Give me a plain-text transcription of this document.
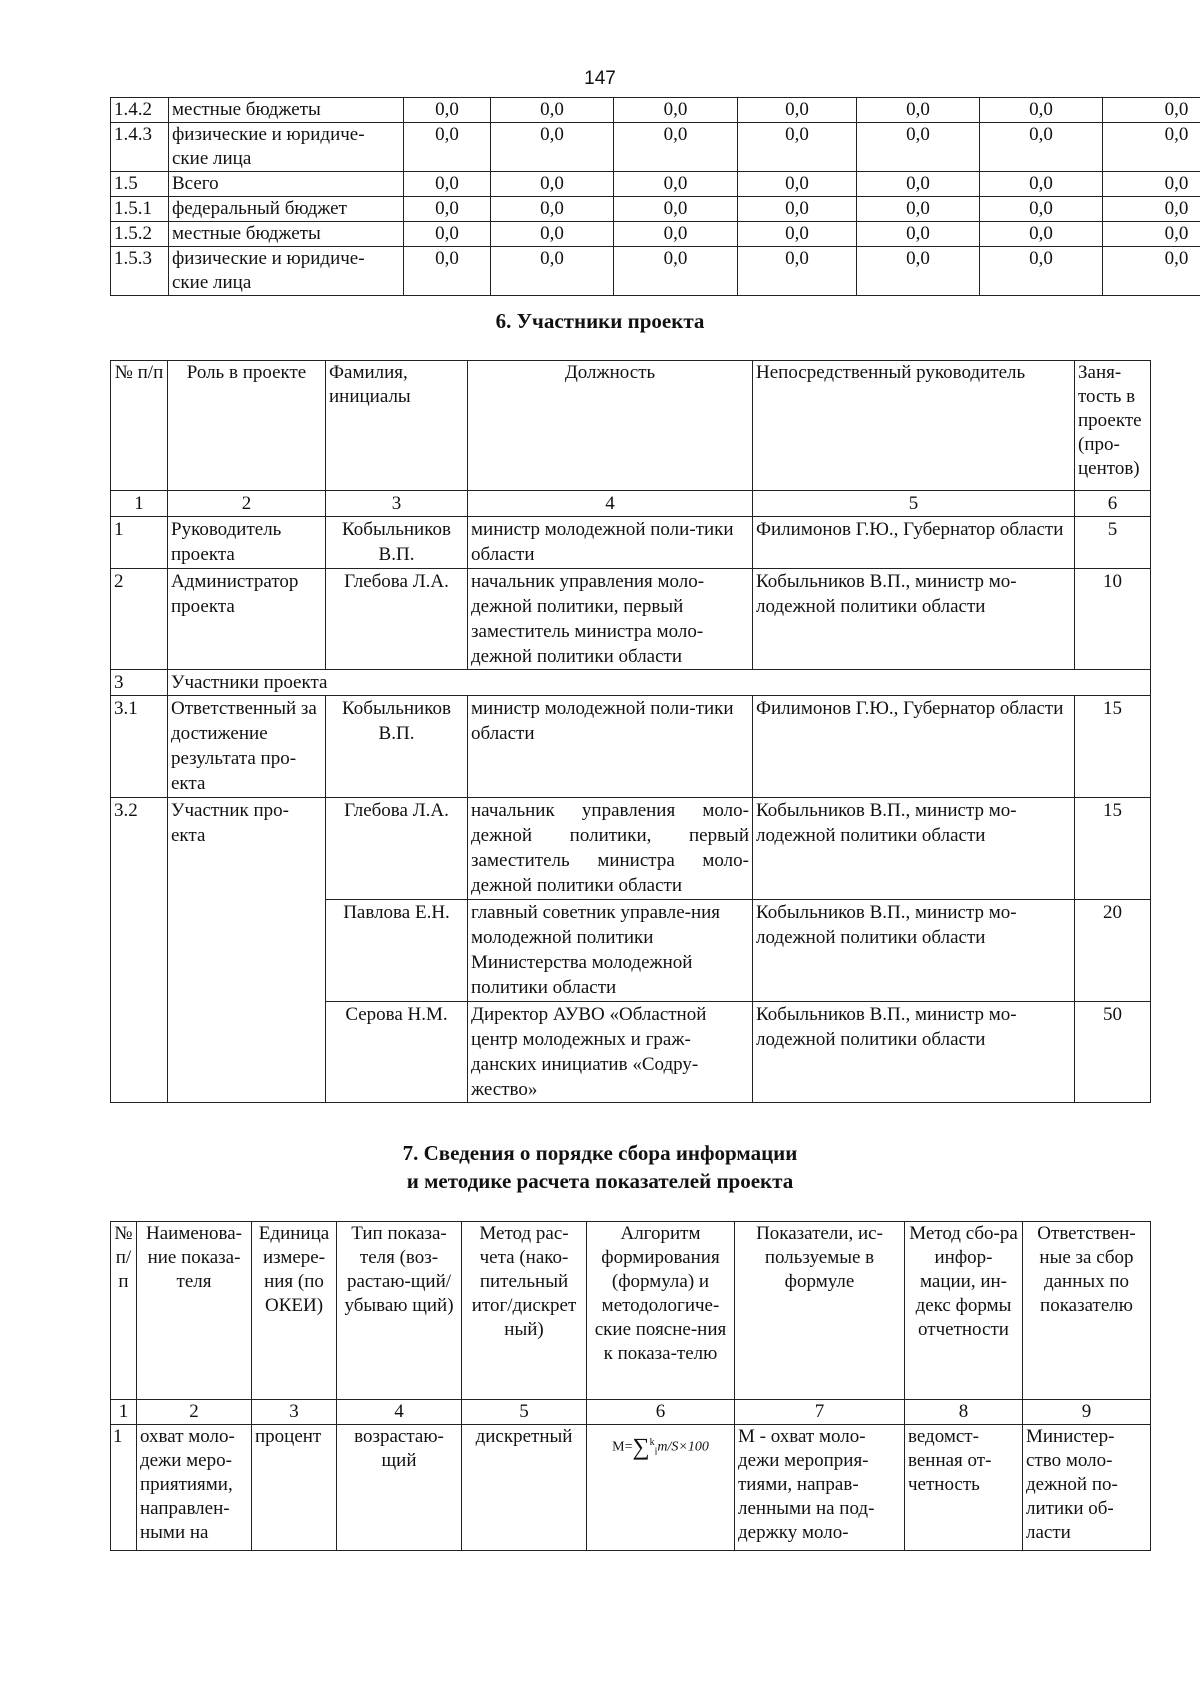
147
1.4.2	местные бюджеты	0,0	0,0	0,0	0,0	0,0	0,0	0,0
1.4.3	физические и юридиче-ские лица	0,0	0,0	0,0	0,0	0,0	0,0	0,0
1.5	Всего	0,0	0,0	0,0	0,0	0,0	0,0	0,0
1.5.1	федеральный бюджет	0,0	0,0	0,0	0,0	0,0	0,0	0,0
1.5.2	местные бюджеты	0,0	0,0	0,0	0,0	0,0	0,0	0,0
1.5.3	физические и юридиче-ские лица	0,0	0,0	0,0	0,0	0,0	0,0	0,0
6. Участники проекта
№ п/п	Роль в проекте	Фамилия, инициалы	Должность	Непосредственный руководитель	Заня-тость в проекте (про-центов)
1	2	3	4	5	6
1	Руководитель проекта	Кобыльников В.П.	министр молодежной поли-тики области	Филимонов Г.Ю., Губернатор области	5
2	Администратор проекта	Глебова Л.А.	начальник управления моло-дежной политики, первый заместитель министра моло-дежной политики области	Кобыльников В.П., министр мо-лодежной политики области	10
3	Участники проекта				
3.1	Ответственный за достижение результата про-екта	Кобыльников В.П.	министр молодежной поли-тики области	Филимонов Г.Ю., Губернатор области	15
3.2	Участник про-екта	Глебова Л.А.	начальник управления моло-дежной политики, первый заместитель министра моло-дежной политики области	Кобыльников В.П., министр мо-лодежной политики области	15
		Павлова Е.Н.	главный советник управле-ния молодежной политики Министерства молодежной политики области	Кобыльников В.П., министр мо-лодежной политики области	20
		Серова Н.М.	Директор АУВО «Областной центр молодежных и граж-данских инициатив «Содру-жество»	Кобыльников В.П., министр мо-лодежной политики области	50
7. Сведения о порядке сбора информации
и методике расчета показателей проекта
№ п/ п	Наименова-ние показа-теля	Единица измере-ния (по ОКЕИ)	Тип показа-теля (воз-растаю-щий/убываю щий)	Метод рас-чета (нако-пительный итог/дискрет ный)	Алгоритм формирования (формула) и методологиче-ские поясне-ния к показа-телю	Показатели, ис-пользуемые в формуле	Метод сбо-ра инфор-мации, ин-декс формы отчетности	Ответствен-ные за сбор данных по показателю
1	2	3	4	5	6	7	8	9
1	охват моло-дежи меро-приятиями, направлен-ными на	процент	возрастаю-щий	дискретный	M=∑$^k_i$m/S×100	М - охват моло-дежи мероприя-тиями, направ-ленными на под-держку моло-	ведомст-венная от-четность	Министер-ство моло-дежной по-литики об-ласти
